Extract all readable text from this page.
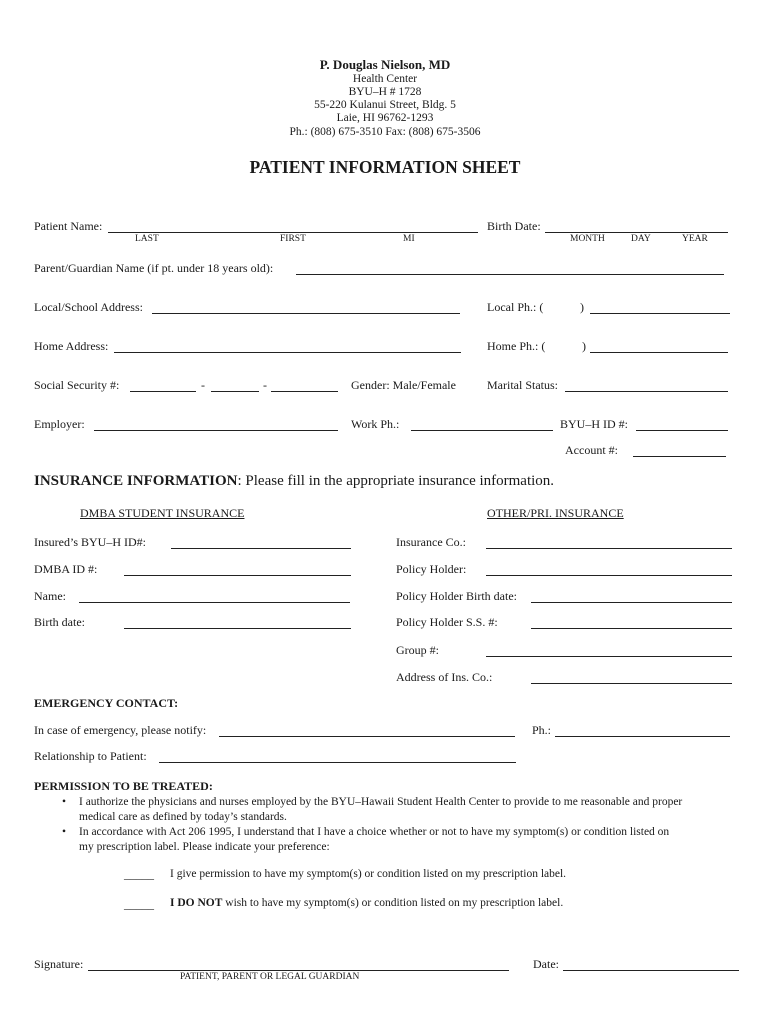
P. Douglas Nielson, MD
Health Center
BYU–H # 1728
55-220 Kulanui Street, Bldg. 5
Laie, HI 96762-1293
Ph.: (808) 675-3510 Fax: (808) 675-3506
PATIENT INFORMATION SHEET
Patient Name:	Birth Date:
LAST	FIRST	MI	MONTH	DAY	YEAR
Parent/Guardian Name (if pt. under 18 years old):
Local/School Address:	Local Ph.: (	)
Home Address:	Home Ph.: (	)
Social Security #:	-	-	Gender: Male/Female	Marital Status:
Employer:	Work Ph.:	BYU–H ID #:
Account #:
INSURANCE INFORMATION: Please fill in the appropriate insurance information.
DMBA STUDENT INSURANCE	OTHER/PRI. INSURANCE
Insured’s BYU–H ID#:
DMBA ID #:
Name:
Birth date:
Insurance Co.:
Policy Holder:
Policy Holder Birth date:
Policy Holder S.S. #:
Group #:
Address of Ins. Co.:
EMERGENCY CONTACT:
In case of emergency, please notify:	Ph.:
Relationship to Patient:
PERMISSION TO BE TREATED:
• I authorize the physicians and nurses employed by the BYU–Hawaii Student Health Center to provide to me reasonable and proper
medical care as defined by today’s standards.
• In accordance with Act 206 1995, I understand that I have a choice whether or not to have my symptom(s) or condition listed on
my prescription label. Please indicate your preference:
_____ I give permission to have my symptom(s) or condition listed on my prescription label.
_____ I DO NOT wish to have my symptom(s) or condition listed on my prescription label.
Signature:
PATIENT, PARENT OR LEGAL GUARDIAN
Date:
